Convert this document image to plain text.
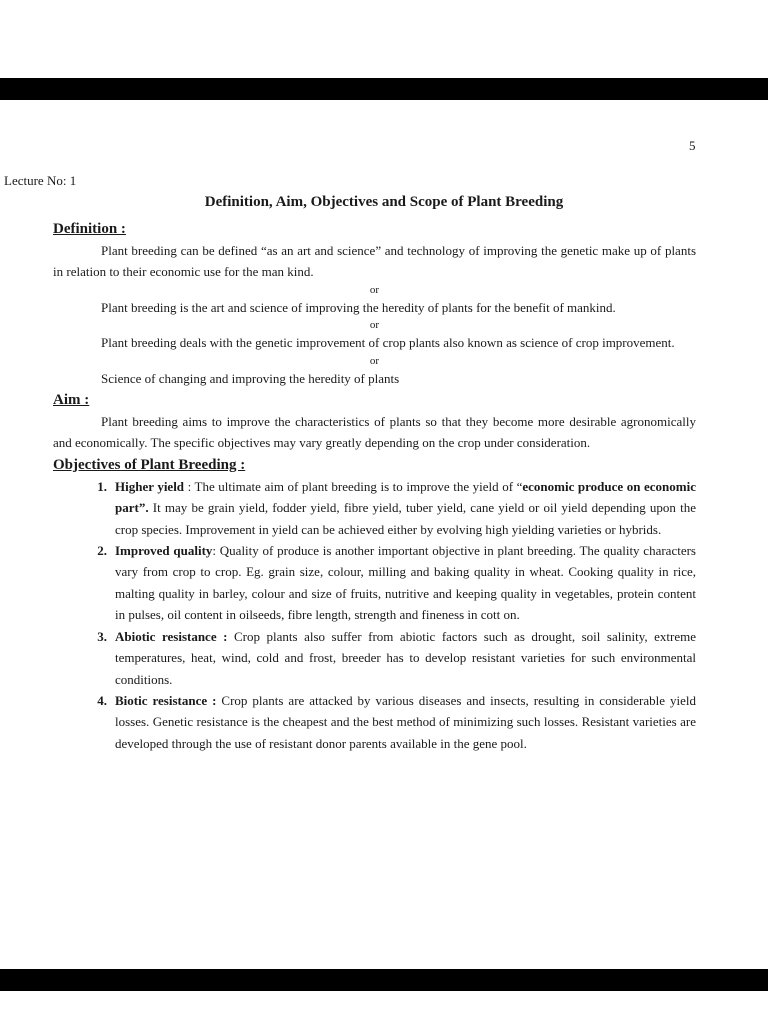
5
Lecture No: 1
Definition, Aim, Objectives and Scope of Plant Breeding
Definition :

Plant breeding can be defined “as an art and science” and technology of improving the genetic make up of plants in relation to their economic use for the man kind.

or

Plant breeding is the art and science of improving the heredity of plants for the benefit of mankind.

or

Plant breeding deals with the genetic improvement of crop plants also known as science of crop improvement.

or

Science of changing and improving the heredity of plants

Aim :

Plant breeding aims to improve the characteristics of plants so that they become more desirable agronomically and economically. The specific objectives may vary greatly depending on the crop under consideration.

Objectives of Plant Breeding :
1. Higher yield : The ultimate aim of plant breeding is to improve the yield of “economic produce on economic part”. It may be grain yield, fodder yield, fibre yield, tuber yield, cane yield or oil yield depending upon the crop species. Improvement in yield can be achieved either by evolving high yielding varieties or hybrids.
2. Improved quality: Quality of produce is another important objective in plant breeding. The quality characters vary from crop to crop. Eg. grain size, colour, milling and baking quality in wheat. Cooking quality in rice, malting quality in barley, colour and size of fruits, nutritive and keeping quality in vegetables, protein content in pulses, oil content in oilseeds, fibre length, strength and fineness in cott on.
3. Abiotic resistance : Crop plants also suffer from abiotic factors such as drought, soil salinity, extreme temperatures, heat, wind, cold and frost, breeder has to develop resistant varieties for such environmental conditions.
4. Biotic resistance : Crop plants are attacked by various diseases and insects, resulting in considerable yield losses. Genetic resistance is the cheapest and the best method of minimizing such losses. Resistant varieties are developed through the use of resistant donor parents available in the gene pool.
